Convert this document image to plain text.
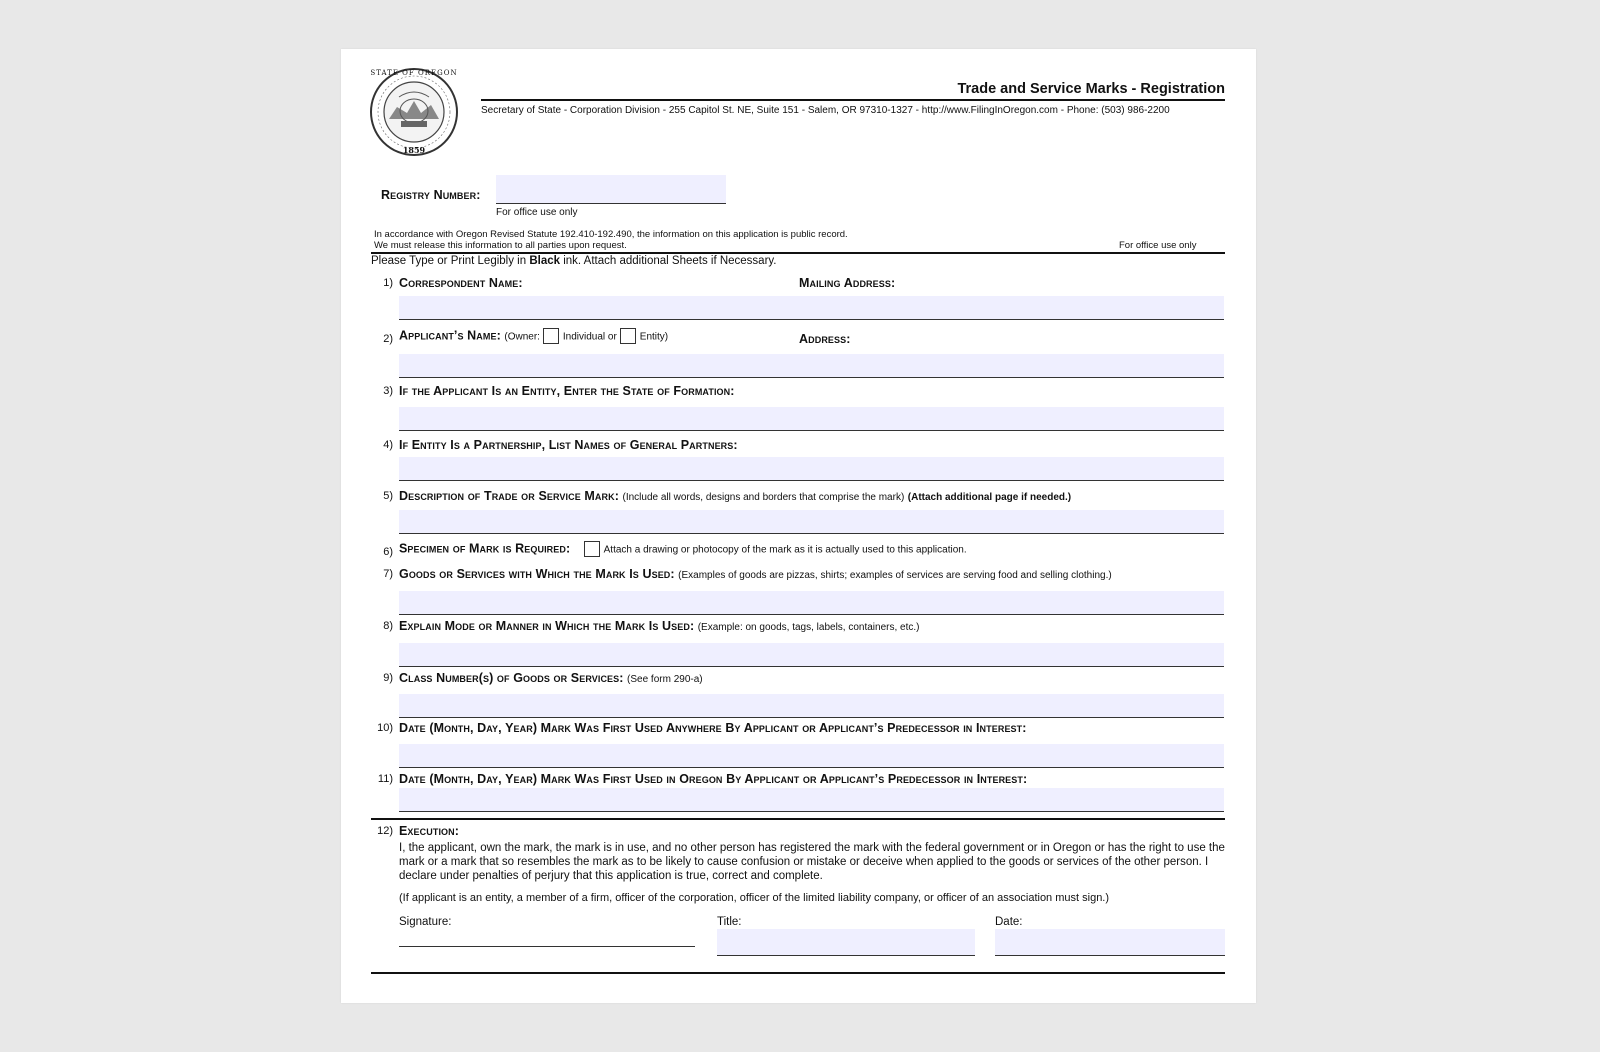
STATE OF OREGON
1859
Trade and Service Marks - Registration
Secretary of State - Corporation Division - 255 Capitol St. NE, Suite 151 - Salem, OR 97310-1327 - http://www.FilingInOregon.com - Phone: (503) 986-2200
Registry Number:
For office use only
In accordance with Oregon Revised Statute 192.410-192.490, the information on this application is public record.
We must release this information to all parties upon request.	For office use only
Please Type or Print Legibly in Black ink. Attach additional Sheets if Necessary.
1) Correspondent Name:	Mailing Address:
2) Applicant’s Name: (Owner: Individual or Entity)	Address:
3) If the Applicant Is an Entity, Enter the State of Formation:
4) If Entity Is a Partnership, List Names of General Partners:
5) Description of Trade or Service Mark: (Include all words, designs and borders that comprise the mark) (Attach additional page if needed.)
6) Specimen of Mark is Required:	Attach a drawing or photocopy of the mark as it is actually used to this application.
7) Goods or Services with Which the Mark Is Used: (Examples of goods are pizzas, shirts; examples of services are serving food and selling clothing.)
8) Explain Mode or Manner in Which the Mark Is Used: (Example: on goods, tags, labels, containers, etc.)
9) Class Number(s) of Goods or Services: (See form 290-a)
10) Date (Month, Day, Year) Mark Was First Used Anywhere By Applicant or Applicant’s Predecessor in Interest:
11) Date (Month, Day, Year) Mark Was First Used in Oregon By Applicant or Applicant’s Predecessor in Interest:
12) Execution:
I, the applicant, own the mark, the mark is in use, and no other person has registered the mark with the federal government or in Oregon or has the right to use the mark or a mark that so resembles the mark as to be likely to cause confusion or mistake or deceive when applied to the goods or services of the other person. I declare under penalties of perjury that this application is true, correct and complete.
(If applicant is an entity, a member of a firm, officer of the corporation, officer of the limited liability company, or officer of an association must sign.)
Signature:	Title:	Date:
